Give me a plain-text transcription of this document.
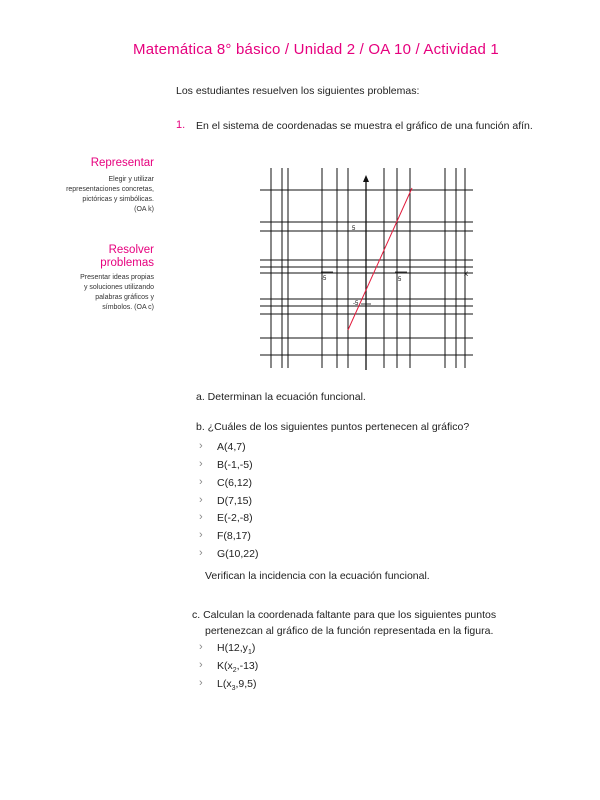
Matemática 8° básico / Unidad 2 / OA 10 / Actividad 1
Los estudiantes resuelven los siguientes problemas:
1. En el sistema de coordenadas se muestra el gráfico de una función afín.
Representar
Elegir y utilizar
representaciones concretas,
pictóricas y simbólicas.
(OA k)
Resolver
problemas
Presentar ideas propias
y soluciones utilizando
palabras gráficos y
símbolos. (OA c)
x
-5	5
5
-5
a. Determinan la ecuación funcional.
b. ¿Cuáles de los siguientes puntos pertenecen al gráfico?
› A(4,7)
› B(-1,-5)
› C(6,12)
› D(7,15)
› E(-2,-8)
› F(8,17)
› G(10,22)
Verifican la incidencia con la ecuación funcional.
c. Calculan la coordenada faltante para que los siguientes puntos
pertenezcan al gráfico de la función representada en la figura.
› $H(12,y_1)$
› $K(x_2,-13)$
› $L(x_3,9,5)$
